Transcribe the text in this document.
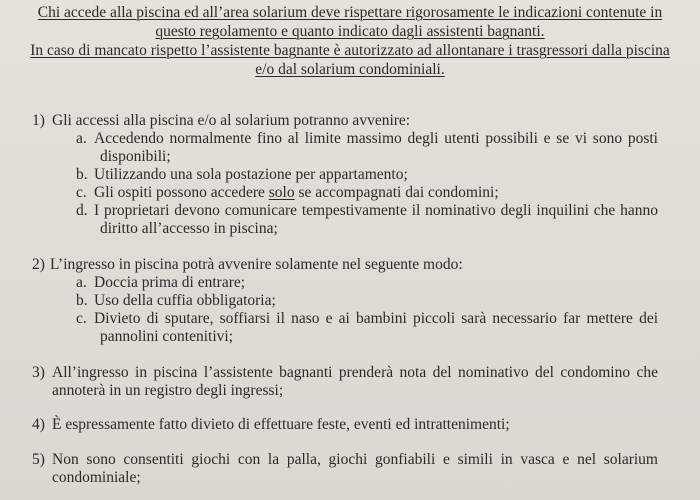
Chi accede alla piscina ed all’area solarium deve rispettare rigorosamente le indicazioni contenute in
questo regolamento e quanto indicato dagli assistenti bagnanti.
In caso di mancato rispetto l’assistente bagnante è autorizzato ad allontanare i trasgressori dalla piscina
e/o dal solarium condominiali.
1) Gli accessi alla piscina e/o al solarium potranno avvenire:
a. Accedendo normalmente fino al limite massimo degli utenti possibili e se vi sono posti
disponibili;
b. Utilizzando una sola postazione per appartamento;
c. Gli ospiti possono accedere solo se accompagnati dai condomini;
d. I proprietari devono comunicare tempestivamente il nominativo degli inquilini che hanno
diritto all’accesso in piscina;
2) L’ingresso in piscina potrà avvenire solamente nel seguente modo:
a. Doccia prima di entrare;
b. Uso della cuffia obbligatoria;
c. Divieto di sputare, soffiarsi il naso e ai bambini piccoli sarà necessario far mettere dei
pannolini contenitivi;
3) All’ingresso in piscina l’assistente bagnanti prenderà nota del nominativo del condomino che
annoterà in un registro degli ingressi;
4) È espressamente fatto divieto di effettuare feste, eventi ed intrattenimenti;
5) Non sono consentiti giochi con la palla, giochi gonfiabili e simili in vasca e nel solarium
condominiale;
